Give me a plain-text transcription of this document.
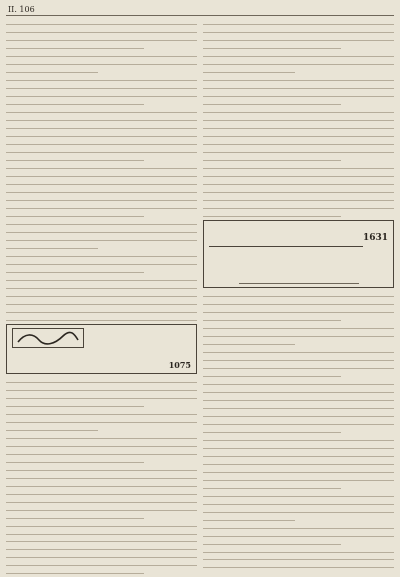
II. 106
1075
1631
